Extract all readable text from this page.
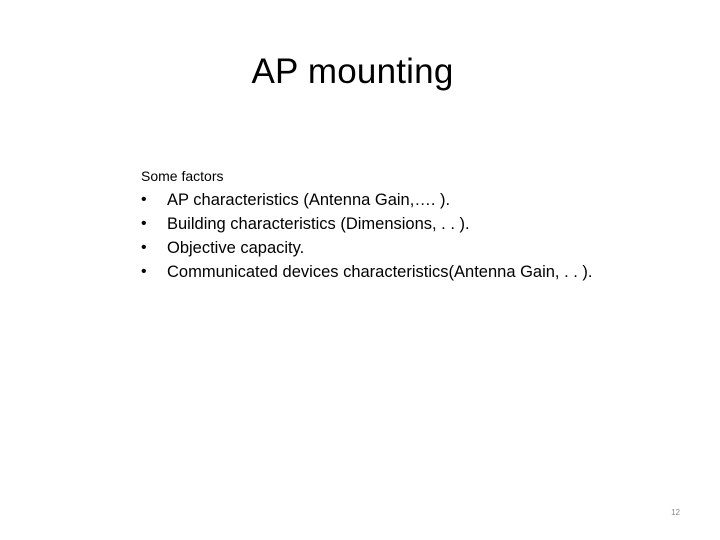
AP mounting
Some factors
•	AP characteristics (Antenna Gain,…. ).
•	Building characteristics (Dimensions, . . ).
•	Objective capacity.
•	Communicated devices characteristics(Antenna Gain, . . ).
12
